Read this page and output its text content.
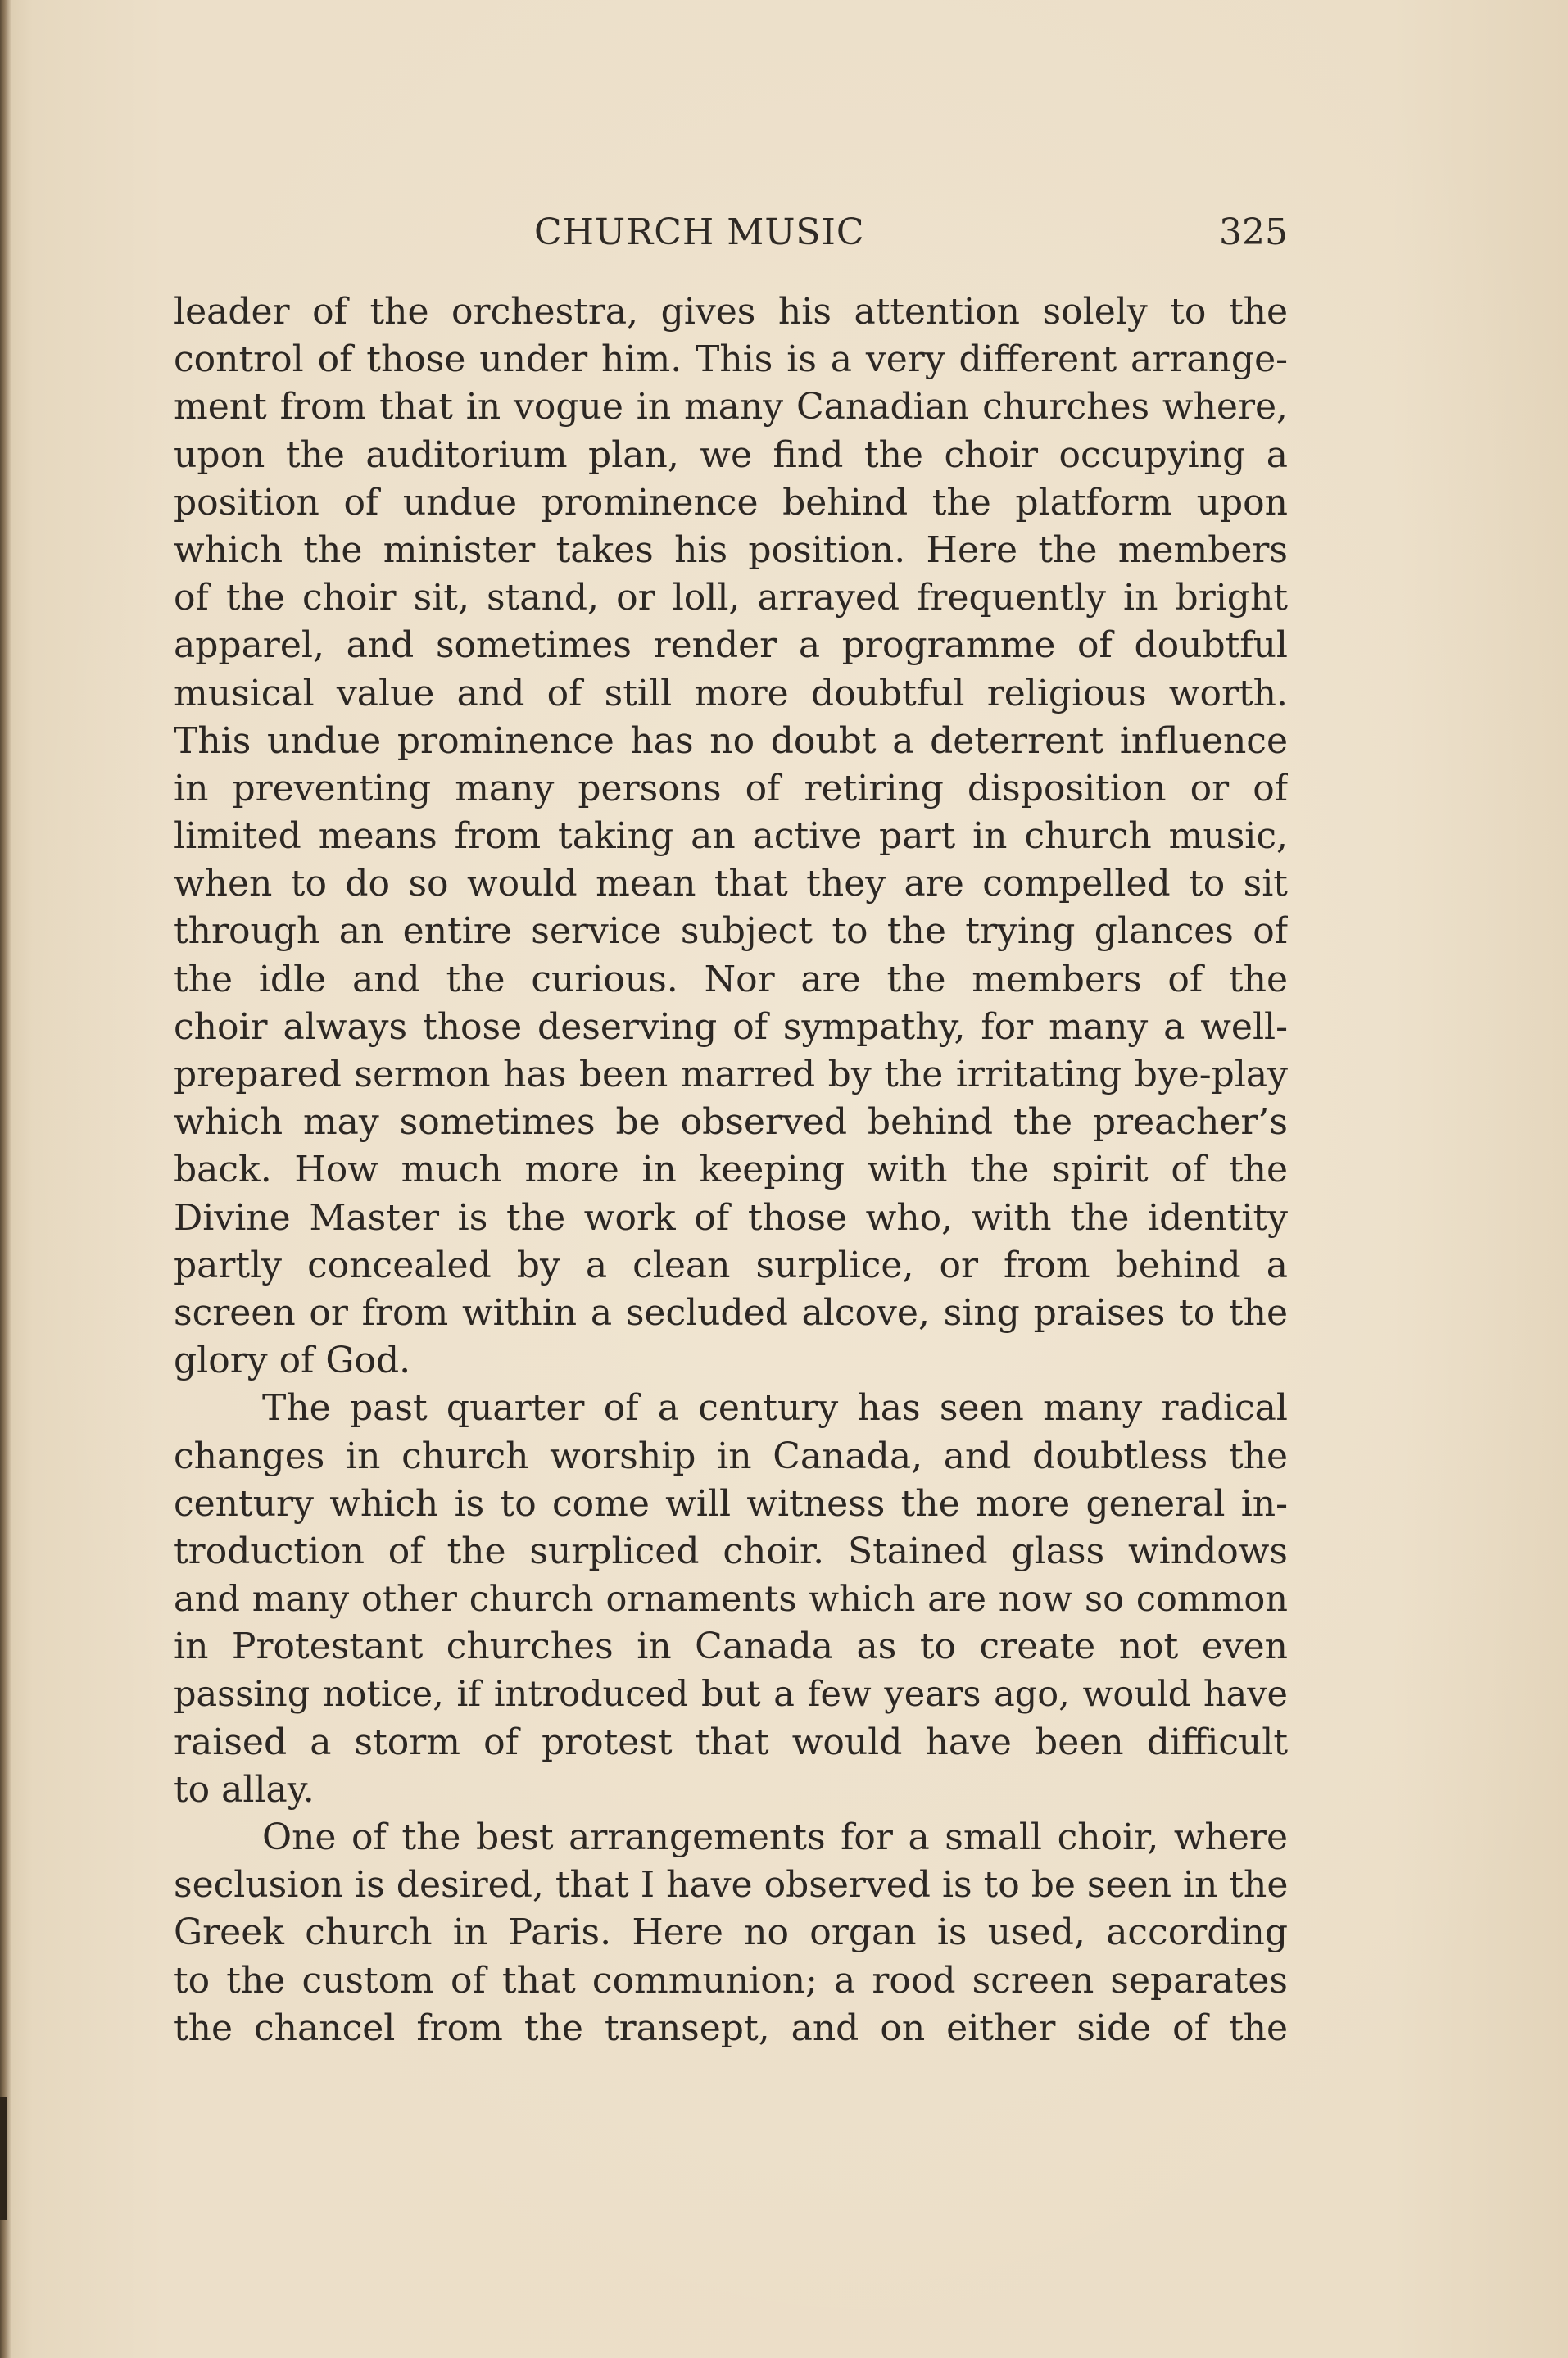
CHURCH MUSIC	325
leader of the orchestra, gives his attention solely to the
control of those under him. This is a very different arrange-
ment from that in vogue in many Canadian churches where,
upon the auditorium plan, we find the choir occupying a
position of undue prominence behind the platform upon
which the minister takes his position. Here the members
of the choir sit, stand, or loll, arrayed frequently in bright
apparel, and sometimes render a programme of doubtful
musical value and of still more doubtful religious worth.
This undue prominence has no doubt a deterrent influence
in preventing many persons of retiring disposition or of
limited means from taking an active part in church music,
when to do so would mean that they are compelled to sit
through an entire service subject to the trying glances of
the idle and the curious. Nor are the members of the
choir always those deserving of sympathy, for many a well-
prepared sermon has been marred by the irritating bye-play
which may sometimes be observed behind the preacher’s
back. How much more in keeping with the spirit of the
Divine Master is the work of those who, with the identity
partly concealed by a clean surplice, or from behind a
screen or from within a secluded alcove, sing praises to the
glory of God.
The past quarter of a century has seen many radical
changes in church worship in Canada, and doubtless the
century which is to come will witness the more general in-
troduction of the surpliced choir. Stained glass windows
and many other church ornaments which are now so common
in Protestant churches in Canada as to create not even
passing notice, if introduced but a few years ago, would have
raised a storm of protest that would have been difficult
to allay.
One of the best arrangements for a small choir, where
seclusion is desired, that I have observed is to be seen in the
Greek church in Paris. Here no organ is used, according
to the custom of that communion; a rood screen separates
the chancel from the transept, and on either side of the
